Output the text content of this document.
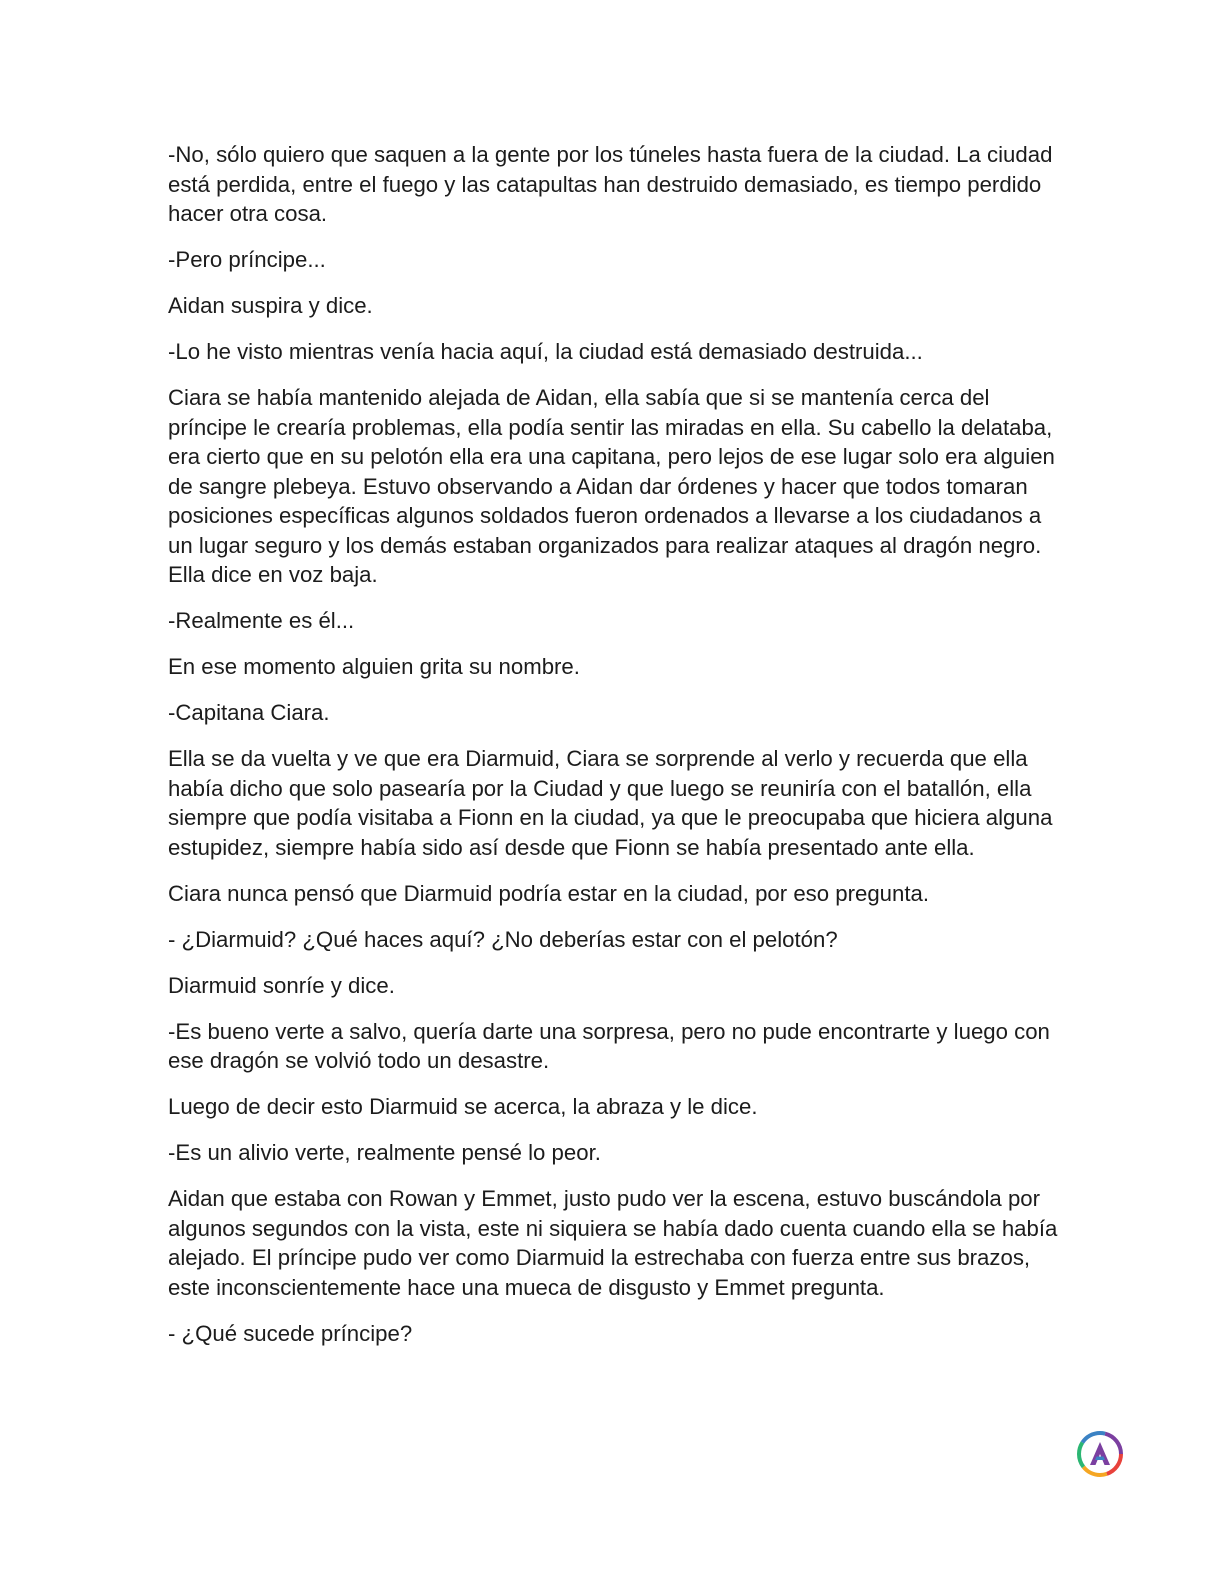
-No, sólo quiero que saquen a la gente por los túneles hasta fuera de la ciudad. La ciudad está perdida, entre el fuego y las catapultas han destruido demasiado, es tiempo perdido hacer otra cosa.

-Pero príncipe...

Aidan suspira y dice.

-Lo he visto mientras venía hacia aquí, la ciudad está demasiado destruida...

Ciara se había mantenido alejada de Aidan, ella sabía que si se mantenía cerca del príncipe le crearía problemas, ella podía sentir las miradas en ella. Su cabello la delataba, era cierto que en su pelotón ella era una capitana, pero lejos de ese lugar solo era alguien de sangre plebeya. Estuvo observando a Aidan dar órdenes y hacer que todos tomaran posiciones específicas algunos soldados fueron ordenados a llevarse a los ciudadanos a un lugar seguro y los demás estaban organizados para realizar ataques al dragón negro. Ella dice en voz baja.

-Realmente es él...

En ese momento alguien grita su nombre.

-Capitana Ciara.

Ella se da vuelta y ve que era Diarmuid, Ciara se sorprende al verlo y recuerda que ella había dicho que solo pasearía por la Ciudad y que luego se reuniría con el batallón, ella siempre que podía visitaba a Fionn en la ciudad, ya que le preocupaba que hiciera alguna estupidez, siempre había sido así desde que Fionn se había presentado ante ella.

Ciara nunca pensó que Diarmuid podría estar en la ciudad, por eso pregunta.

- ¿Diarmuid? ¿Qué haces aquí? ¿No deberías estar con el pelotón?

Diarmuid sonríe y dice.

-Es bueno verte a salvo, quería darte una sorpresa, pero no pude encontrarte y luego con ese dragón se volvió todo un desastre.

Luego de decir esto Diarmuid se acerca, la abraza y le dice.

-Es un alivio verte, realmente pensé lo peor.

Aidan que estaba con Rowan y Emmet, justo pudo ver la escena, estuvo buscándola por algunos segundos con la vista, este ni siquiera se había dado cuenta cuando ella se había alejado. El príncipe pudo ver como Diarmuid la estrechaba con fuerza entre sus brazos, este inconscientemente hace una mueca de disgusto y Emmet pregunta.

- ¿Qué sucede príncipe?
